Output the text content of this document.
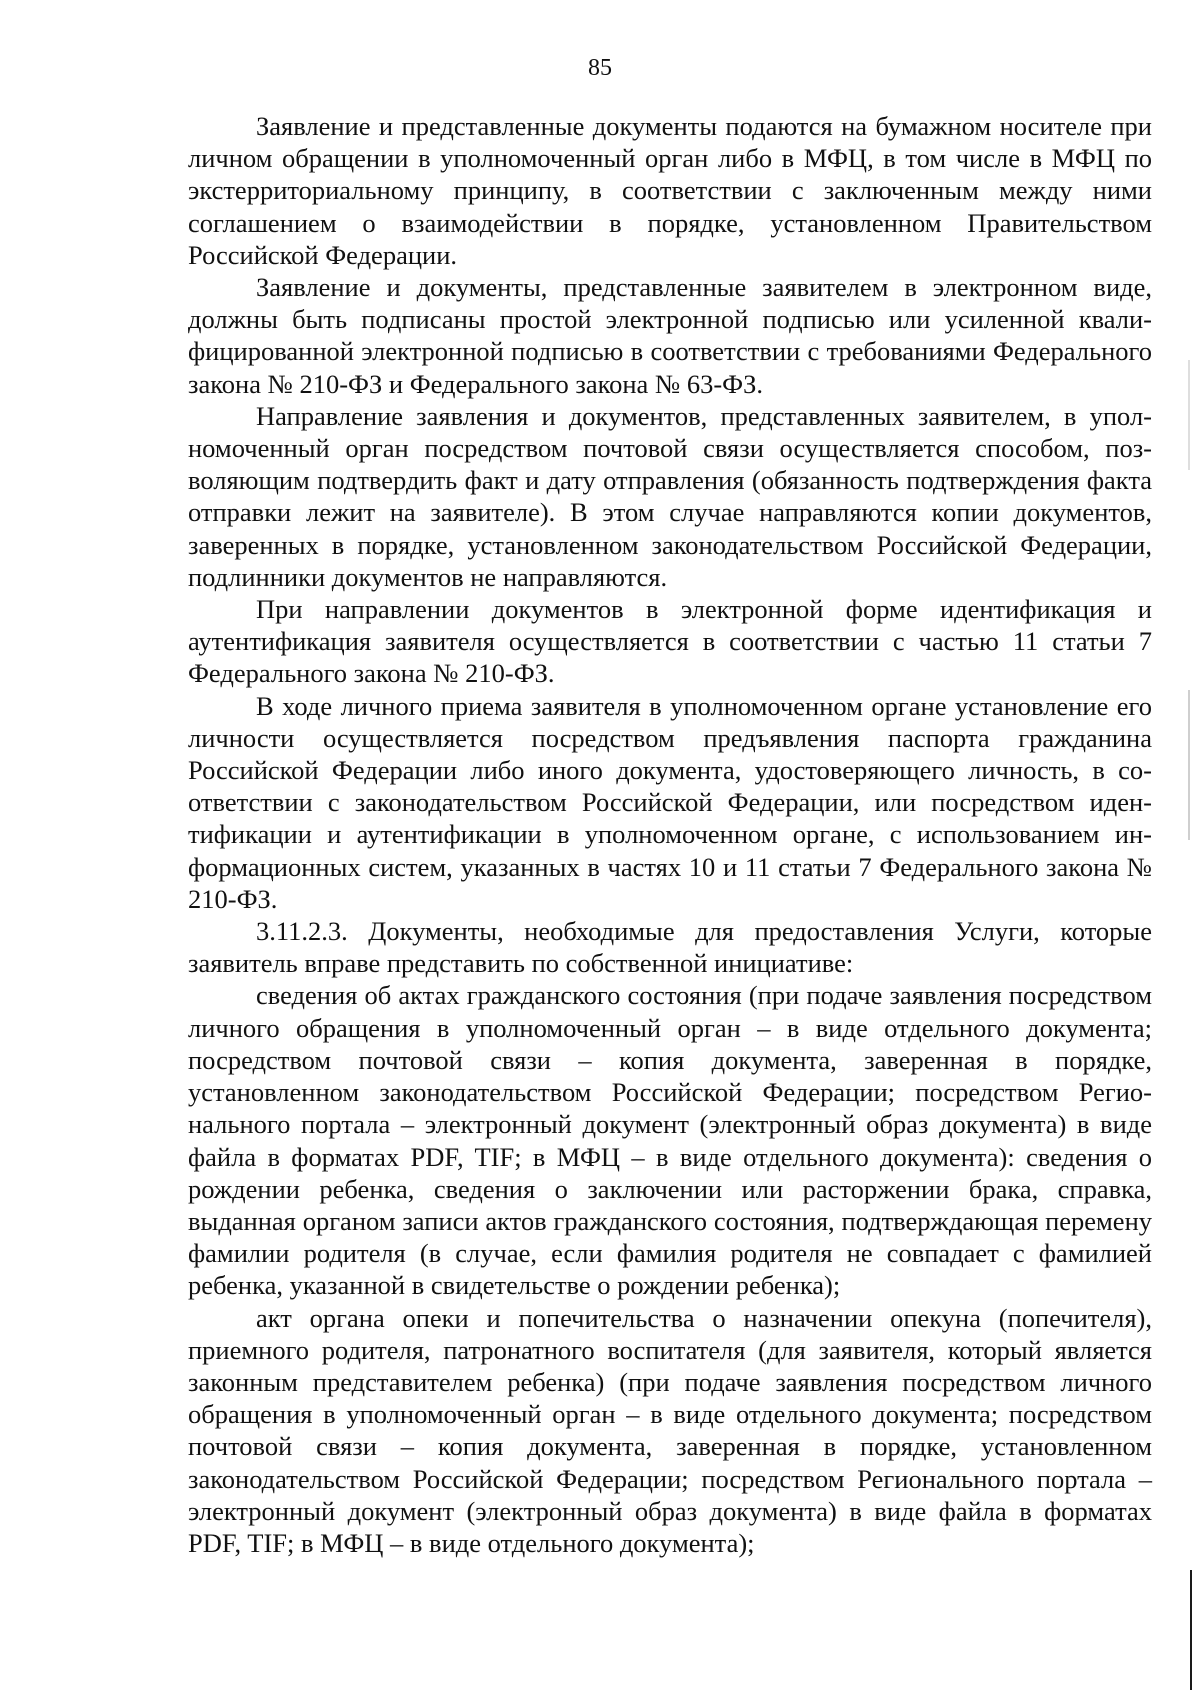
85

Заявление и представленные документы подаются на бумажном носителе при личном обращении в уполномоченный орган либо в МФЦ, в том числе в МФЦ по экстерриториальному принципу, в соответствии с заключенным между ними соглашением о взаимодействии в порядке, установленном Правительством Российской Федерации.

Заявление и документы, представленные заявителем в электронном виде, должны быть подписаны простой электронной подписью или усиленной квалифицированной электронной подписью в соответствии с требованиями Федерального закона № 210-ФЗ и Федерального закона № 63-ФЗ.

Направление заявления и документов, представленных заявителем, в уполномоченный орган посредством почтовой связи осуществляется способом, позволяющим подтвердить факт и дату отправления (обязанность подтверждения факта отправки лежит на заявителе). В этом случае направляются копии документов, заверенных в порядке, установленном законодательством Российской Федерации, подлинники документов не направляются.

При направлении документов в электронной форме идентификация и аутентификация заявителя осуществляется в соответствии с частью 11 статьи 7 Федерального закона № 210-ФЗ.

В ходе личного приема заявителя в уполномоченном органе установление его личности осуществляется посредством предъявления паспорта гражданина Российской Федерации либо иного документа, удостоверяющего личность, в соответствии с законодательством Российской Федерации, или посредством идентификации и аутентификации в уполномоченном органе, с использованием информационных систем, указанных в частях 10 и 11 статьи 7 Федерального закона № 210-ФЗ.

3.11.2.3. Документы, необходимые для предоставления Услуги, которые заявитель вправе представить по собственной инициативе:

сведения об актах гражданского состояния (при подаче заявления посредством личного обращения в уполномоченный орган – в виде отдельного документа; посредством почтовой связи – копия документа, заверенная в порядке, установленном законодательством Российской Федерации; посредством Регионального портала – электронный документ (электронный образ документа) в виде файла в форматах PDF, TIF; в МФЦ – в виде отдельного документа): сведения о рождении ребенка, сведения о заключении или расторжении брака, справка, выданная органом записи актов гражданского состояния, подтверждающая перемену фамилии родителя (в случае, если фамилия родителя не совпадает с фамилией ребенка, указанной в свидетельстве о рождении ребенка);

акт органа опеки и попечительства о назначении опекуна (попечителя), приемного родителя, патронатного воспитателя (для заявителя, который является законным представителем ребенка) (при подаче заявления посредством личного обращения в уполномоченный орган – в виде отдельного документа; посредством почтовой связи – копия документа, заверенная в порядке, установленном законодательством Российской Федерации; посредством Регионального портала – электронный документ (электронный образ документа) в виде файла в форматах PDF, TIF; в МФЦ – в виде отдельного документа);
